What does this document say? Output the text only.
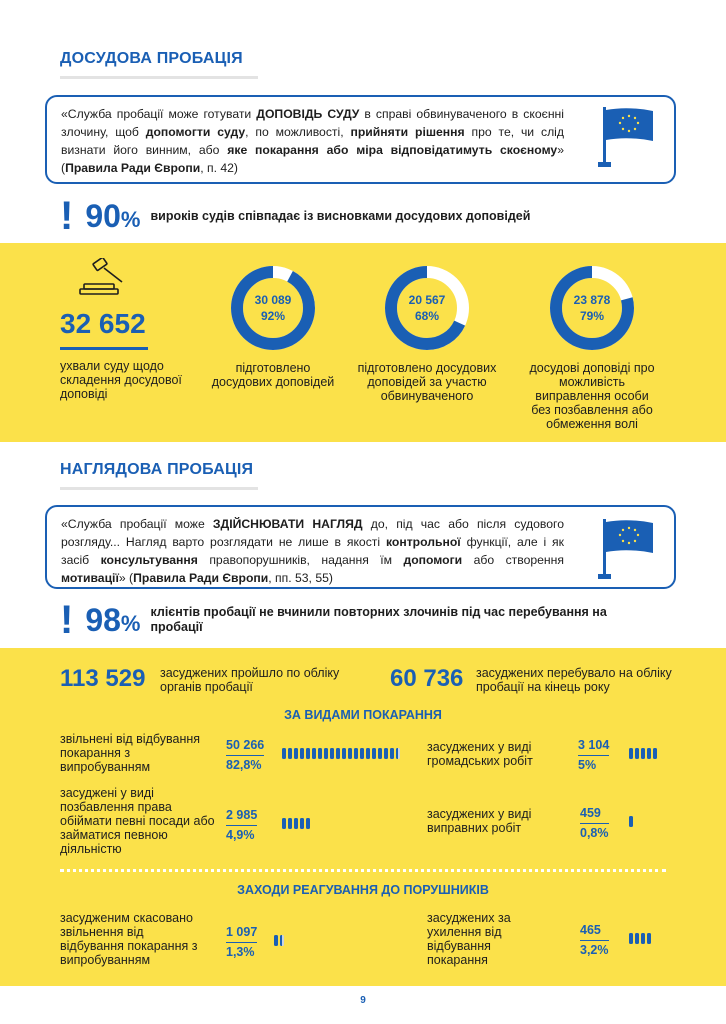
ДОСУДОВА ПРОБАЦІЯ
«Служба пробації може готувати ДОПОВІДЬ СУДУ в справі обвинуваченого в скоєнні злочину, щоб допомогти суду, по можливості, прийняти рішення про те, чи слід визнати його винним, або яке покарання або міра відповідатимуть скоєному» (Правила Ради Європи, п. 42)
! 90% вироків судів співпадає із висновками досудових доповідей
32 652
ухвали суду щодо складення досудової доповіді
30 089
92%
підготовлено досудових доповідей
20 567
68%
підготовлено досудових доповідей за участю обвинуваченого
23 878
79%
досудові доповіді про можливість виправлення особи без позбавлення або обмеження волі
НАГЛЯДОВА ПРОБАЦІЯ
«Служба пробації може ЗДІЙСНЮВАТИ НАГЛЯД до, під час або після судового розгляду... Нагляд варто розглядати не лише в якості контрольної функції, але і як засіб консультування правопорушників, надання їм допомоги або створення мотивації» (Правила Ради Європи, пп. 53, 55)
! 98% клієнтів пробації не вчинили повторних злочинів під час перебування на пробації
113 529 засуджених пройшло по обліку органів пробації	60 736 засуджених перебувало на обліку пробації на кінець року
ЗА ВИДАМИ ПОКАРАННЯ
звільнені від відбування покарання з випробуванням
50 266
82,8%
засуджених у виді громадських робіт
3 104
5%
засуджені у виді позбавлення права обіймати певні посади або займатися певною діяльністю
2 985
4,9%
засуджених у виді виправних робіт
459
0,8%
ЗАХОДИ РЕАГУВАННЯ ДО ПОРУШНИКІВ
засудженим скасовано звільнення від відбування покарання з випробуванням
1 097
1,3%
засуджених за ухилення від відбування покарання
465
3,2%
9
